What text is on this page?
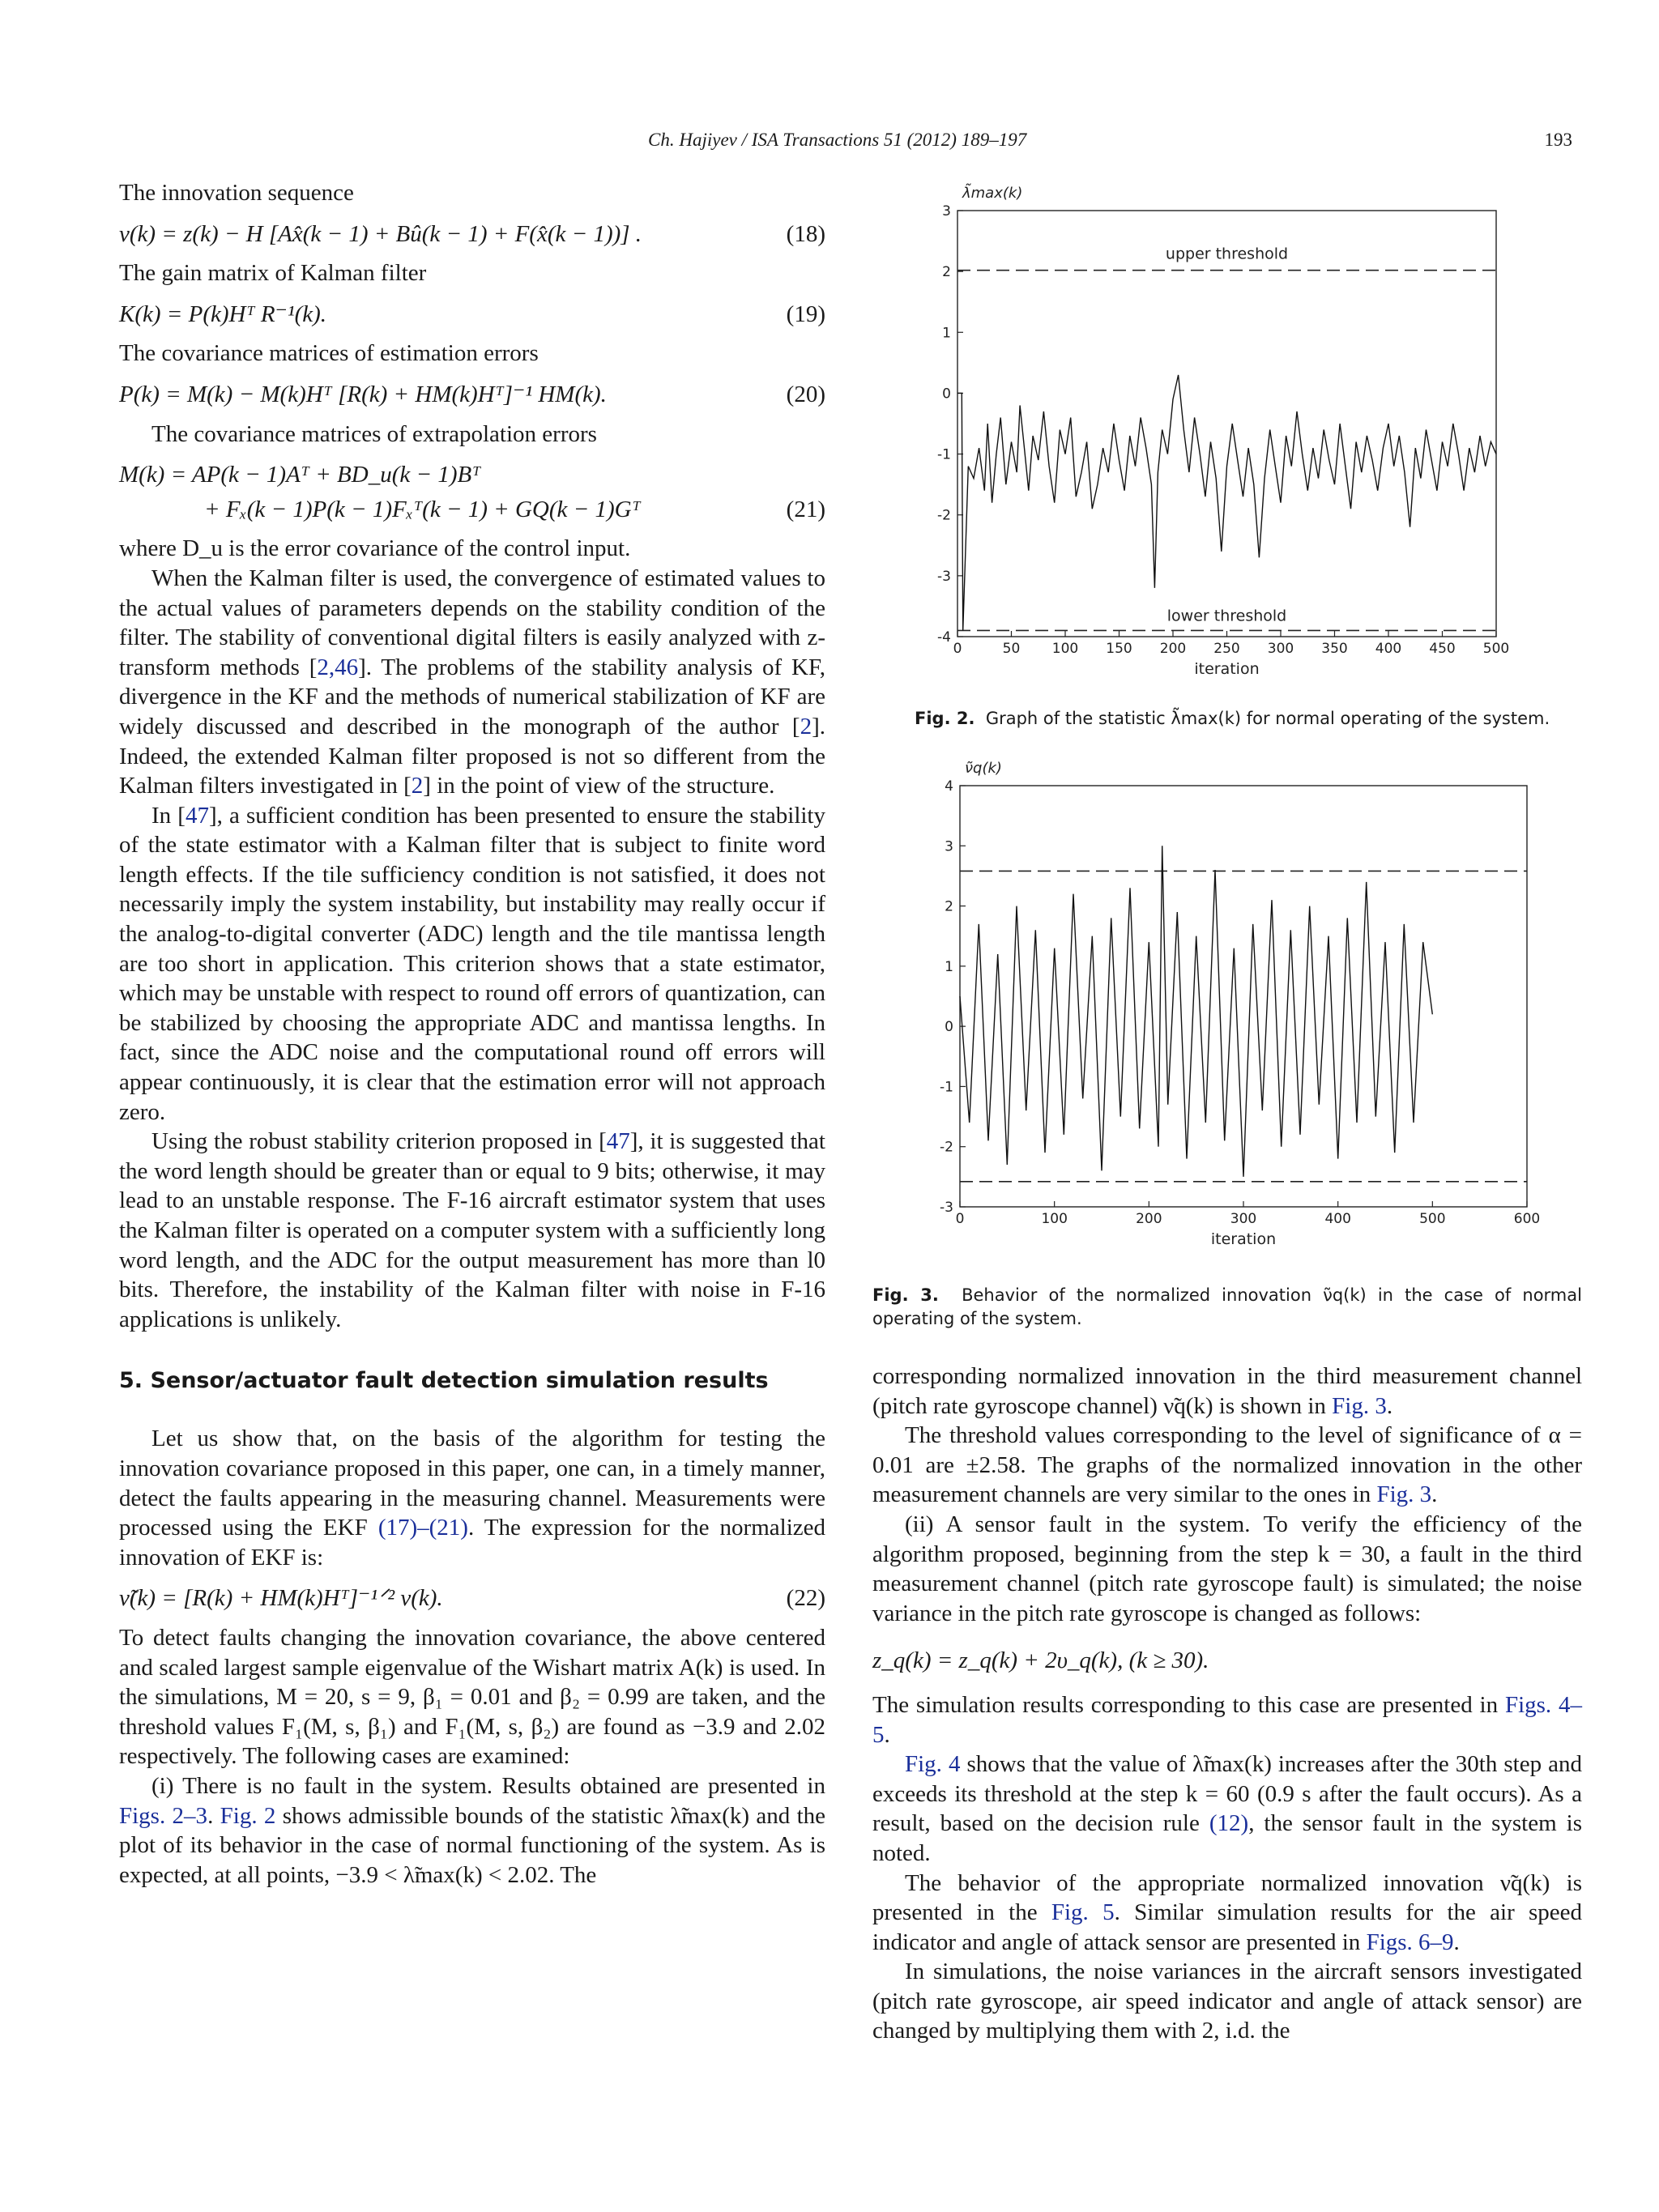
Ch. Hajiyev / ISA Transactions 51 (2012) 189–197	193

The innovation sequence

ν(k) = z(k) − H [Ax̂(k − 1) + Bû(k − 1) + F(x̂(k − 1))] .	(18)

The gain matrix of Kalman filter

K(k) = P(k)Hᵀ R⁻¹(k).	(19)

The covariance matrices of estimation errors

P(k) = M(k) − M(k)Hᵀ [R(k) + HM(k)Hᵀ]⁻¹ HM(k).	(20)

The covariance matrices of extrapolation errors

M(k) = AP(k − 1)Aᵀ + BD_u(k − 1)Bᵀ
+ Fₓ(k − 1)P(k − 1)Fₓᵀ(k − 1) + GQ(k − 1)Gᵀ	(21)

where D_u is the error covariance of the control input.

When the Kalman filter is used, the convergence of estimated values to the actual values of parameters depends on the stability condition of the filter. The stability of conventional digital filters is easily analyzed with z-transform methods [2,46]. The problems of the stability analysis of KF, divergence in the KF and the methods of numerical stabilization of KF are widely discussed and described in the monograph of the author [2]. Indeed, the extended Kalman filter proposed is not so different from the Kalman filters investigated in [2] in the point of view of the structure.

In [47], a sufficient condition has been presented to ensure the stability of the state estimator with a Kalman filter that is subject to finite word length effects. If the tile sufficiency condition is not satisfied, it does not necessarily imply the system instability, but instability may really occur if the analog-to-digital converter (ADC) length and the tile mantissa length are too short in application. This criterion shows that a state estimator, which may be unstable with respect to round off errors of quantization, can be stabilized by choosing the appropriate ADC and mantissa lengths. In fact, since the ADC noise and the computational round off errors will appear continuously, it is clear that the estimation error will not approach zero.

Using the robust stability criterion proposed in [47], it is suggested that the word length should be greater than or equal to 9 bits; otherwise, it may lead to an unstable response. The F-16 aircraft estimator system that uses the Kalman filter is operated on a computer system with a sufficiently long word length, and the ADC for the output measurement has more than l0 bits. Therefore, the instability of the Kalman filter with noise in F-16 applications is unlikely.

5. Sensor/actuator fault detection simulation results

Let us show that, on the basis of the algorithm for testing the innovation covariance proposed in this paper, one can, in a timely manner, detect the faults appearing in the measuring channel. Measurements were processed using the EKF (17)–(21). The expression for the normalized innovation of EKF is:

ν̃(k) = [R(k) + HM(k)Hᵀ]⁻¹ᐟ² ν(k).	(22)

To detect faults changing the innovation covariance, the above centered and scaled largest sample eigenvalue of the Wishart matrix A(k) is used. In the simulations, M = 20, s = 9, β₁ = 0.01 and β₂ = 0.99 are taken, and the threshold values F₁(M, s, β₁) and F₁(M, s, β₂) are found as −3.9 and 2.02 respectively. The following cases are examined:

(i) There is no fault in the system. Results obtained are presented in Figs. 2–3. Fig. 2 shows admissible bounds of the statistic λ̃max(k) and the plot of its behavior in the case of normal functioning of the system. As is expected, at all points, −3.9 < λ̃max(k) < 2.02. The

-4
-3
-2
-1
0
1
2
3
0	50 100 150 200 250 300 350 400 450 500
upper threshold
lower threshold
iteration
λ̃max(k)

Fig. 2. Graph of the statistic λ̃max(k) for normal operating of the system.

-3
-2
-1
0
1
2
3
4
0	100	200	300	400	500	600
iteration
ν̃q(k)

Fig. 3. Behavior of the normalized innovation ν̃q(k) in the case of normal operating of the system.

corresponding normalized innovation in the third measurement channel (pitch rate gyroscope channel) ν̃q(k) is shown in Fig. 3.

The threshold values corresponding to the level of significance of α = 0.01 are ±2.58. The graphs of the normalized innovation in the other measurement channels are very similar to the ones in Fig. 3.

(ii) A sensor fault in the system. To verify the efficiency of the algorithm proposed, beginning from the step k = 30, a fault in the third measurement channel (pitch rate gyroscope fault) is simulated; the noise variance in the pitch rate gyroscope is changed as follows:

z_q(k) = z_q(k) + 2υ_q(k), (k ≥ 30).

The simulation results corresponding to this case are presented in Figs. 4–5.

Fig. 4 shows that the value of λ̃max(k) increases after the 30th step and exceeds its threshold at the step k = 60 (0.9 s after the fault occurs). As a result, based on the decision rule (12), the sensor fault in the system is noted.

The behavior of the appropriate normalized innovation ν̃q(k) is presented in the Fig. 5. Similar simulation results for the air speed indicator and angle of attack sensor are presented in Figs. 6–9.

In simulations, the noise variances in the aircraft sensors investigated (pitch rate gyroscope, air speed indicator and angle of attack sensor) are changed by multiplying them with 2, i.d. the
